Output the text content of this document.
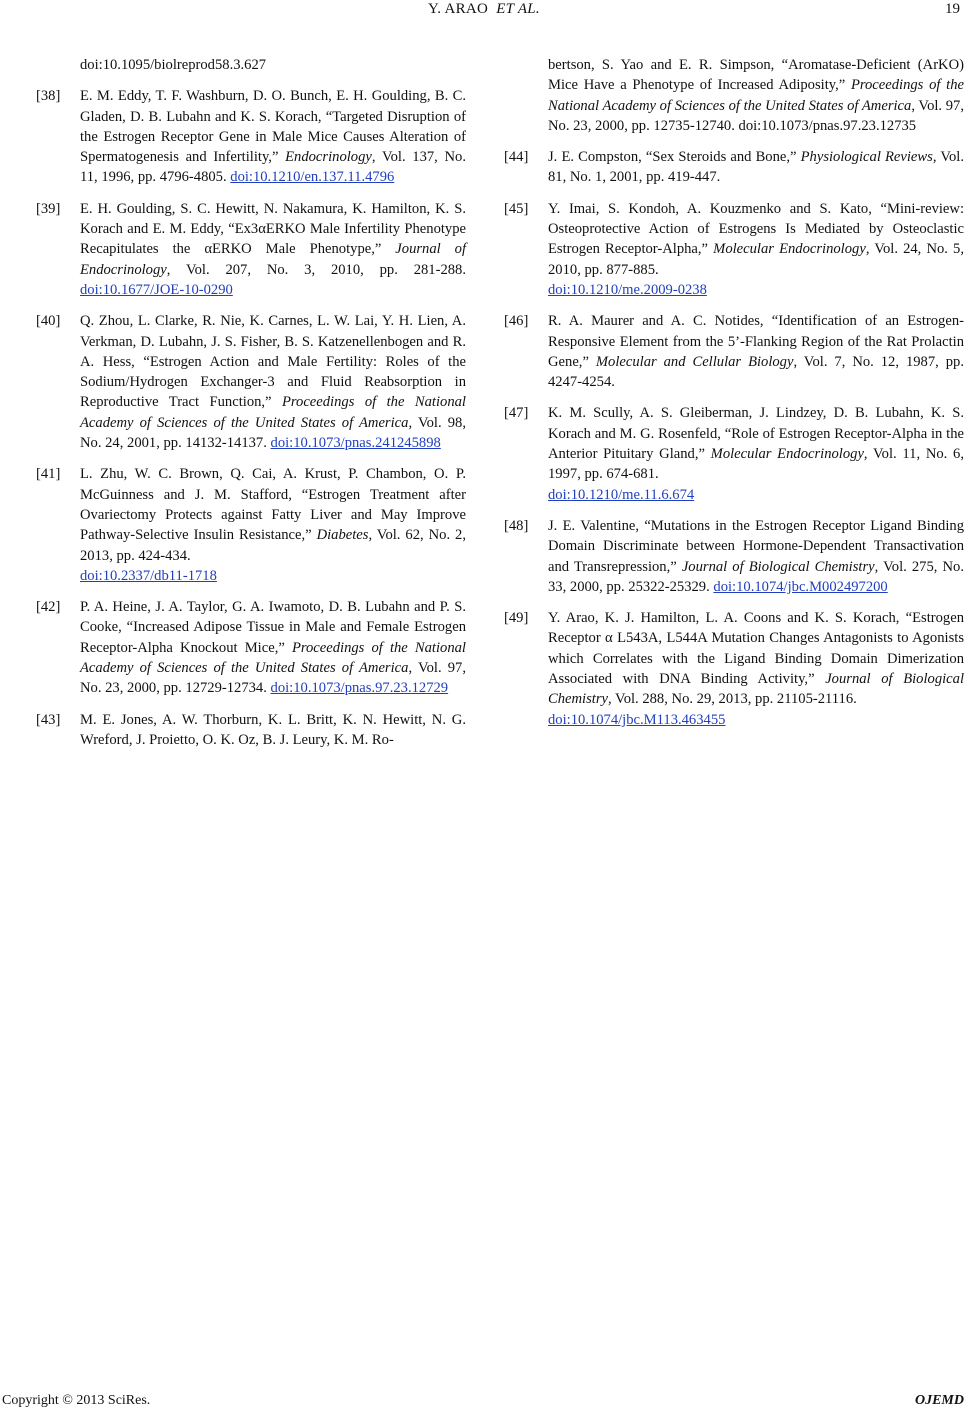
Y. ARAO ET AL.	19
doi:10.1095/biolreprod58.3.627
[38] E. M. Eddy, T. F. Washburn, D. O. Bunch, E. H. Goulding, B. C. Gladen, D. B. Lubahn and K. S. Korach, “Targeted Disruption of the Estrogen Receptor Gene in Male Mice Causes Alteration of Spermatogenesis and Infertility,” Endocrinology, Vol. 137, No. 11, 1996, pp. 4796-4805. doi:10.1210/en.137.11.4796
[39] E. H. Goulding, S. C. Hewitt, N. Nakamura, K. Hamilton, K. S. Korach and E. M. Eddy, “Ex3αERKO Male Infertility Phenotype Recapitulates the αERKO Male Phenotype,” Journal of Endocrinology, Vol. 207, No. 3, 2010, pp. 281-288. doi:10.1677/JOE-10-0290
[40] Q. Zhou, L. Clarke, R. Nie, K. Carnes, L. W. Lai, Y. H. Lien, A. Verkman, D. Lubahn, J. S. Fisher, B. S. Katzenellenbogen and R. A. Hess, “Estrogen Action and Male Fertility: Roles of the Sodium/Hydrogen Exchanger-3 and Fluid Reabsorption in Reproductive Tract Function,” Proceedings of the National Academy of Sciences of the United States of America, Vol. 98, No. 24, 2001, pp. 14132-14137. doi:10.1073/pnas.241245898
[41] L. Zhu, W. C. Brown, Q. Cai, A. Krust, P. Chambon, O. P. McGuinness and J. M. Stafford, “Estrogen Treatment after Ovariectomy Protects against Fatty Liver and May Improve Pathway-Selective Insulin Resistance,” Diabetes, Vol. 62, No. 2, 2013, pp. 424-434.
doi:10.2337/db11-1718
[42] P. A. Heine, J. A. Taylor, G. A. Iwamoto, D. B. Lubahn and P. S. Cooke, “Increased Adipose Tissue in Male and Female Estrogen Receptor-Alpha Knockout Mice,” Proceedings of the National Academy of Sciences of the United States of America, Vol. 97, No. 23, 2000, pp. 12729-12734. doi:10.1073/pnas.97.23.12729
[43] M. E. Jones, A. W. Thorburn, K. L. Britt, K. N. Hewitt, N. G. Wreford, J. Proietto, O. K. Oz, B. J. Leury, K. M. Ro-
bertson, S. Yao and E. R. Simpson, “Aromatase-Deficient (ArKO) Mice Have a Phenotype of Increased Adiposity,” Proceedings of the National Academy of Sciences of the United States of America, Vol. 97, No. 23, 2000, pp. 12735-12740. doi:10.1073/pnas.97.23.12735
[44] J. E. Compston, “Sex Steroids and Bone,” Physiological Reviews, Vol. 81, No. 1, 2001, pp. 419-447.
[45] Y. Imai, S. Kondoh, A. Kouzmenko and S. Kato, “Mini-review: Osteoprotective Action of Estrogens Is Mediated by Osteoclastic Estrogen Receptor-Alpha,” Molecular Endocrinology, Vol. 24, No. 5, 2010, pp. 877-885.
doi:10.1210/me.2009-0238
[46] R. A. Maurer and A. C. Notides, “Identification of an Estrogen-Responsive Element from the 5’-Flanking Region of the Rat Prolactin Gene,” Molecular and Cellular Biology, Vol. 7, No. 12, 1987, pp. 4247-4254.
[47] K. M. Scully, A. S. Gleiberman, J. Lindzey, D. B. Lubahn, K. S. Korach and M. G. Rosenfeld, “Role of Estrogen Receptor-Alpha in the Anterior Pituitary Gland,” Molecular Endocrinology, Vol. 11, No. 6, 1997, pp. 674-681.
doi:10.1210/me.11.6.674
[48] J. E. Valentine, “Mutations in the Estrogen Receptor Ligand Binding Domain Discriminate between Hormone-Dependent Transactivation and Transrepression,” Journal of Biological Chemistry, Vol. 275, No. 33, 2000, pp. 25322-25329. doi:10.1074/jbc.M002497200
[49] Y. Arao, K. J. Hamilton, L. A. Coons and K. S. Korach, “Estrogen Receptor α L543A, L544A Mutation Changes Antagonists to Agonists which Correlates with the Ligand Binding Domain Dimerization Associated with DNA Binding Activity,” Journal of Biological Chemistry, Vol. 288, No. 29, 2013, pp. 21105-21116.
doi:10.1074/jbc.M113.463455
Copyright © 2013 SciRes.	OJEMD
